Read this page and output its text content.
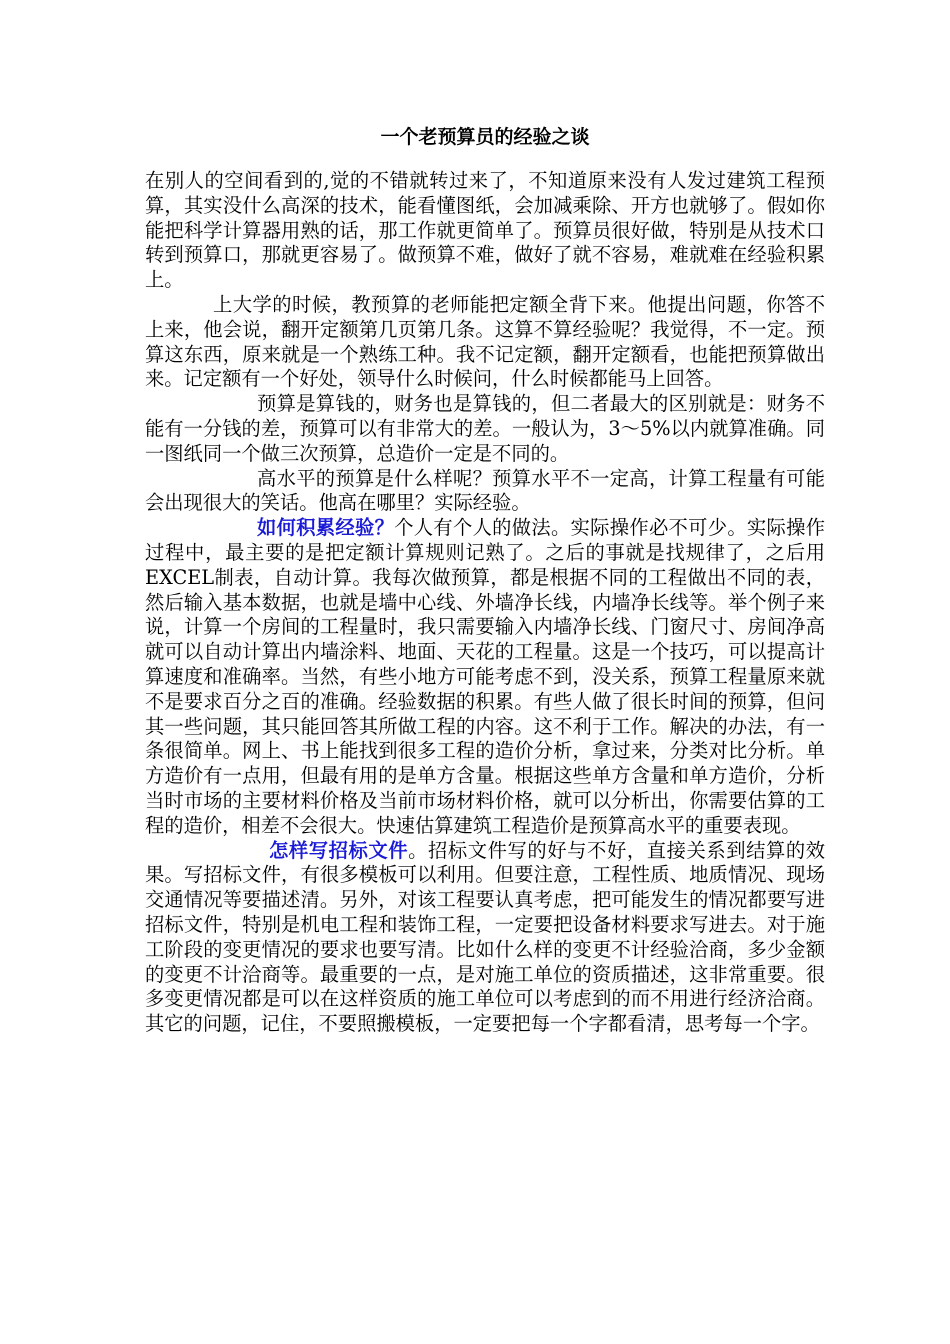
一个老预算员的经验之谈

在别人的空间看到的,觉的不错就转过来了，不知道原来没有人发过建筑工程预算，其实没什么高深的技术，能看懂图纸，会加减乘除、开方也就够了。假如你能把科学计算器用熟的话，那工作就更简单了。预算员很好做，特别是从技术口转到预算口，那就更容易了。做预算不难，做好了就不容易，难就难在经验积累上。

上大学的时候，教预算的老师能把定额全背下来。他提出问题，你答不上来，他会说，翻开定额第几页第几条。这算不算经验呢？我觉得，不一定。预算这东西，原来就是一个熟练工种。我不记定额，翻开定额看，也能把预算做出来。记定额有一个好处，领导什么时候问，什么时候都能马上回答。

预算是算钱的，财务也是算钱的，但二者最大的区别就是：财务不能有一分钱的差，预算可以有非常大的差。一般认为，3～5%以内就算准确。同一图纸同一个做三次预算，总造价一定是不同的。

高水平的预算是什么样呢？预算水平不一定高，计算工程量有可能会出现很大的笑话。他高在哪里？实际经验。

如何积累经验？个人有个人的做法。实际操作必不可少。实际操作过程中，最主要的是把定额计算规则记熟了。之后的事就是找规律了，之后用EXCEL制表，自动计算。我每次做预算，都是根据不同的工程做出不同的表，然后输入基本数据，也就是墙中心线、外墙净长线，内墙净长线等。举个例子来说，计算一个房间的工程量时，我只需要输入内墙净长线、门窗尺寸、房间净高就可以自动计算出内墙涂料、地面、天花的工程量。这是一个技巧，可以提高计算速度和准确率。当然，有些小地方可能考虑不到，没关系，预算工程量原来就不是要求百分之百的准确。经验数据的积累。有些人做了很长时间的预算，但问其一些问题，其只能回答其所做工程的内容。这不利于工作。解决的办法，有一条很简单。网上、书上能找到很多工程的造价分析，拿过来，分类对比分析。单方造价有一点用，但最有用的是单方含量。根据这些单方含量和单方造价，分析当时市场的主要材料价格及当前市场材料价格，就可以分析出，你需要估算的工程的造价，相差不会很大。快速估算建筑工程造价是预算高水平的重要表现。

怎样写招标文件。招标文件写的好与不好，直接关系到结算的效果。写招标文件，有很多模板可以利用。但要注意，工程性质、地质情况、现场交通情况等要描述清。另外，对该工程要认真考虑，把可能发生的情况都要写进招标文件，特别是机电工程和装饰工程，一定要把设备材料要求写进去。对于施工阶段的变更情况的要求也要写清。比如什么样的变更不计经验洽商，多少金额的变更不计洽商等。最重要的一点，是对施工单位的资质描述，这非常重要。很多变更情况都是可以在这样资质的施工单位可以考虑到的而不用进行经济洽商。其它的问题，记住，不要照搬模板，一定要把每一个字都看清，思考每一个字。
